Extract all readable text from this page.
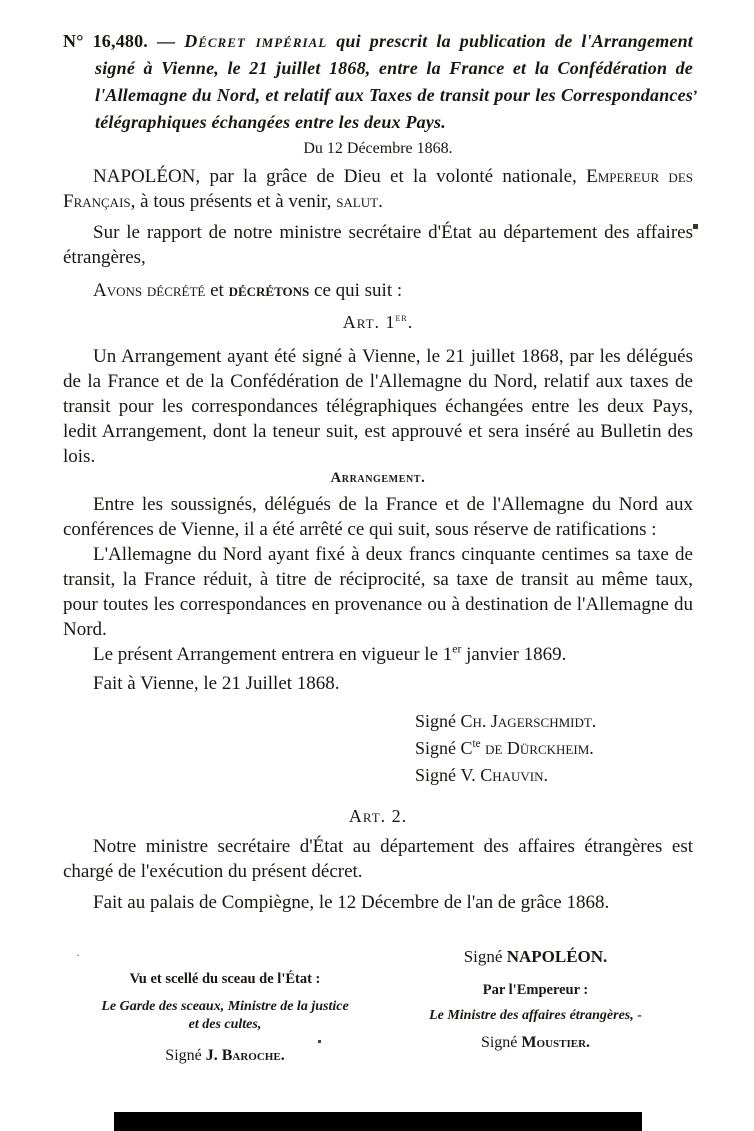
N° 16,480. — Décret impérial qui prescrit la publication de l'Arrangement signé à Vienne, le 21 juillet 1868, entre la France et la Confédération de l'Allemagne du Nord, et relatif aux Taxes de transit pour les Correspondances télégraphiques échangées entre les deux Pays.

Du 12 Décembre 1868.

NAPOLÉON, par la grâce de Dieu et la volonté nationale, Empereur des Français, à tous présents et à venir, salut.

Sur le rapport de notre ministre secrétaire d'État au département des affaires étrangères,

Avons décrété et décrétons ce qui suit :

Art. 1er.

Un Arrangement ayant été signé à Vienne, le 21 juillet 1868, par les délégués de la France et de la Confédération de l'Allemagne du Nord, relatif aux taxes de transit pour les correspondances télégraphiques échangées entre les deux Pays, ledit Arrangement, dont la teneur suit, est approuvé et sera inséré au Bulletin des lois.

Arrangement.

Entre les soussignés, délégués de la France et de l'Allemagne du Nord aux conférences de Vienne, il a été arrêté ce qui suit, sous réserve de ratifications :

L'Allemagne du Nord ayant fixé à deux francs cinquante centimes sa taxe de transit, la France réduit, à titre de réciprocité, sa taxe de transit au même taux, pour toutes les correspondances en provenance ou à destination de l'Allemagne du Nord.

Le présent Arrangement entrera en vigueur le 1er janvier 1869.

Fait à Vienne, le 21 Juillet 1868.

Signé Ch. Jagerschmidt.
Signé $C^{te}$ de Dürckheim.
Signé V. Chauvin.
Art. 2.

Notre ministre secrétaire d'État au département des affaires étrangères est chargé de l'exécution du présent décret.

Fait au palais de Compiègne, le 12 Décembre de l'an de grâce 1868.

Signé NAPOLÉON.
Par l'Empereur :
Le Ministre des affaires étrangères, -
Signé Moustier.
Vu et scellé du sceau de l'État :
Le Garde des sceaux, Ministre de la justice
et des cultes,
Signé J. Baroche.
ʼ
·
